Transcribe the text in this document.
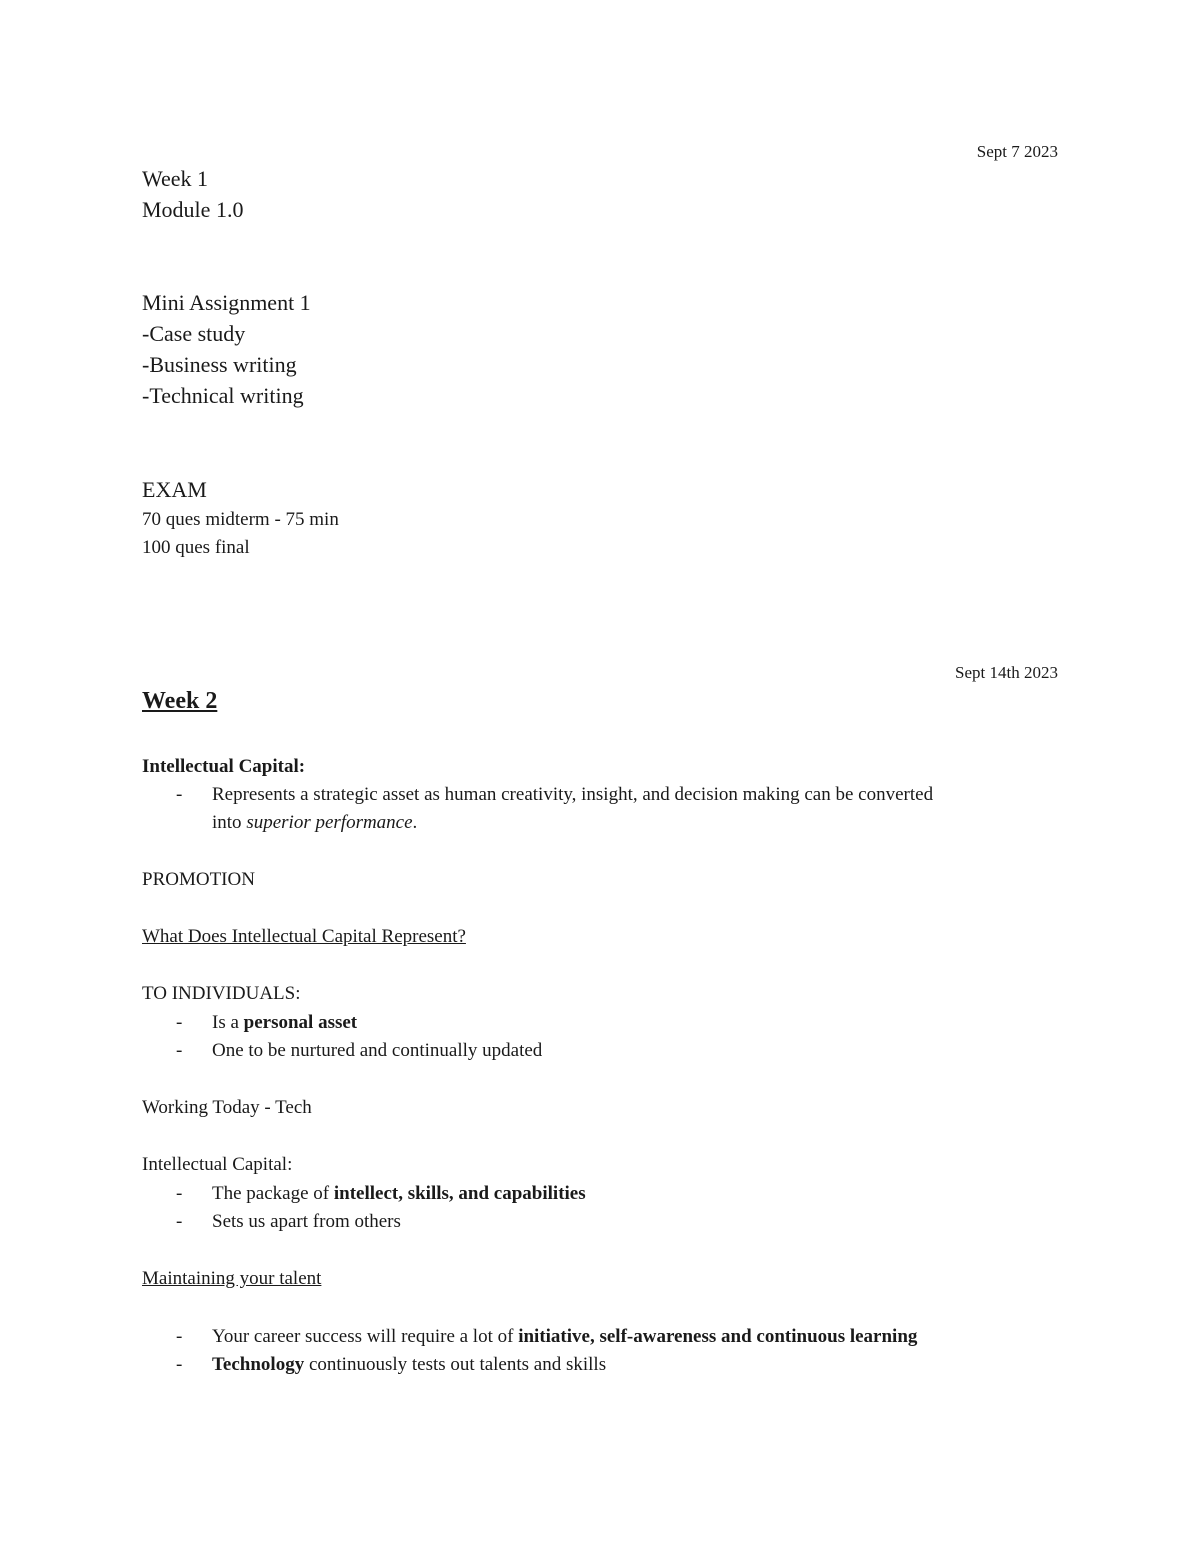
Sept 7 2023
Week 1
Module 1.0
Mini Assignment 1
-Case study
-Business writing
-Technical writing
EXAM
70 ques midterm - 75 min
100 ques final
Sept 14th 2023
Week 2
Intellectual Capital:
- Represents a strategic asset as human creativity, insight, and decision making can be converted
into superior performance.
PROMOTION
What Does Intellectual Capital Represent?
TO INDIVIDUALS:
- Is a personal asset
- One to be nurtured and continually updated
Working Today - Tech
Intellectual Capital:
- The package of intellect, skills, and capabilities
- Sets us apart from others
Maintaining your talent
- Your career success will require a lot of initiative, self-awareness and continuous learning
- Technology continuously tests out talents and skills
